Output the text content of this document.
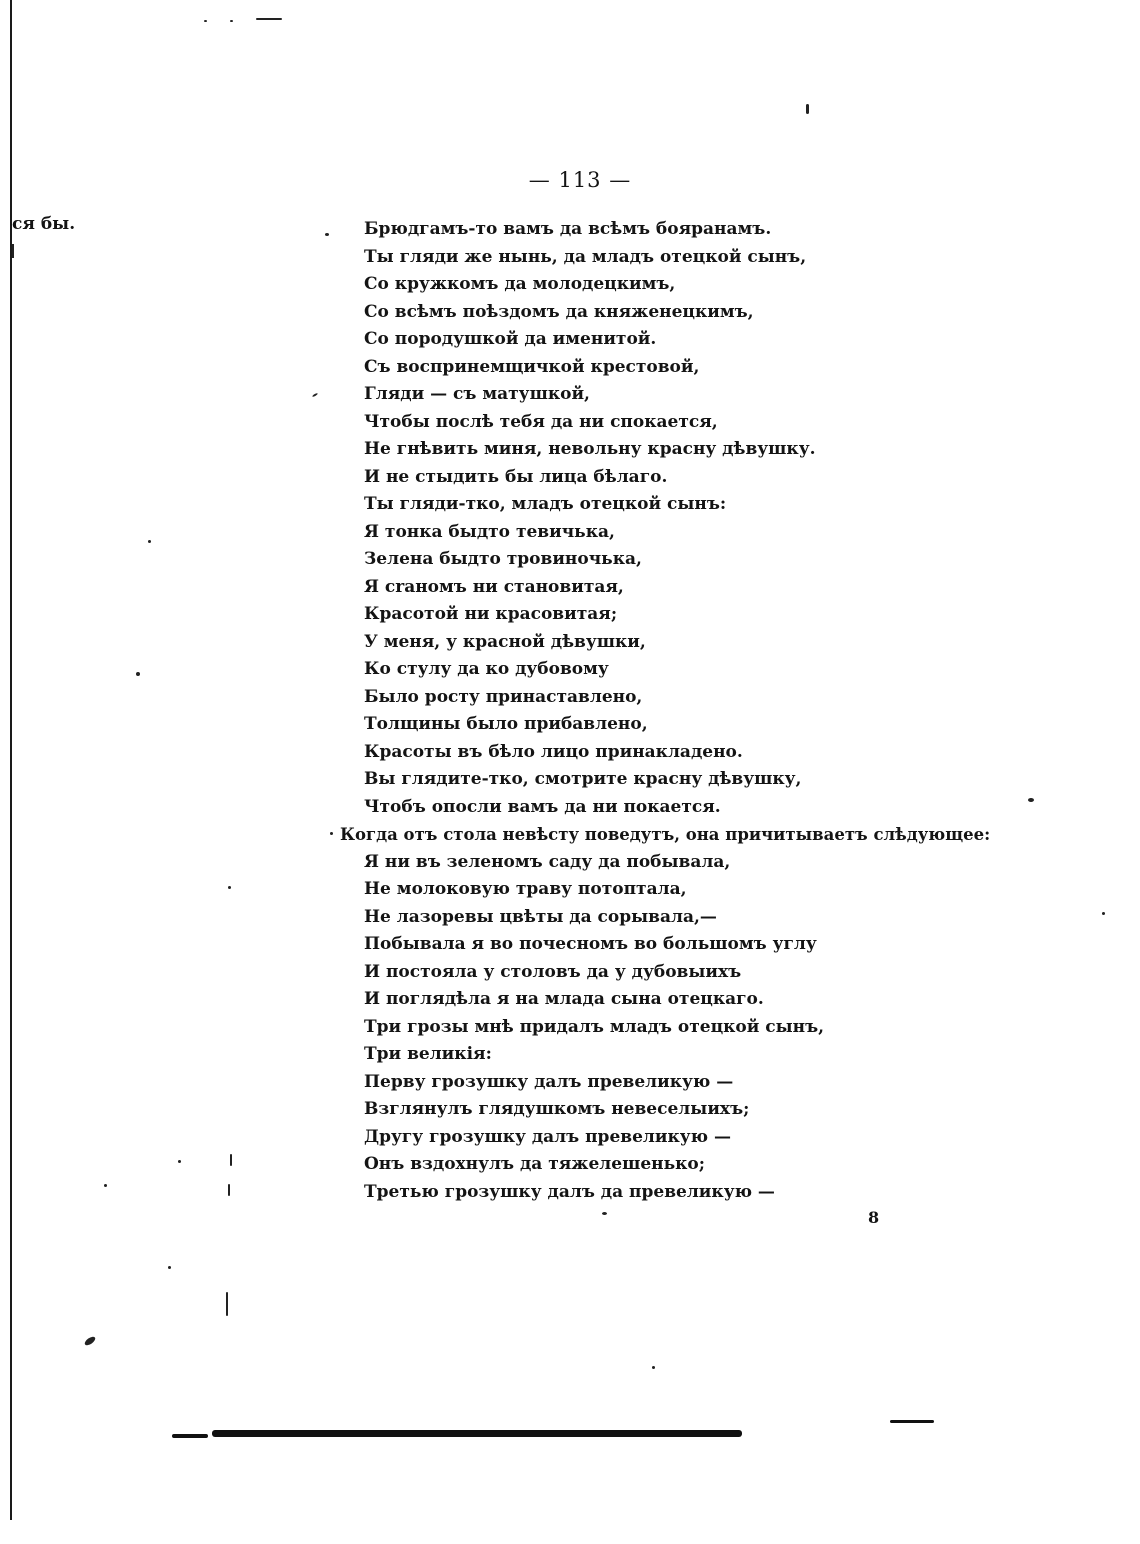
ся бы.
— 113 —
Брюдгамъ-то вамъ да всѣмъ бояранамъ.
Ты гляди же нынь, да младъ отецкой сынъ,
Со кружкомъ да молодецкимъ,
Со всѣмъ поѣздомъ да княженецкимъ,
Со породушкой да именитой.
Съ воспринемщичкой крестовой,
Гляди — съ матушкой,
Чтобы послѣ тебя да ни спокается,
Не гнѣвить миня, невольну красну дѣвушку.
И не стыдить бы лица бѣлаго.
Ты гляди-тко, младъ отецкой сынъ:
Я тонка быдто тевичька,
Зелена быдто тровиночька,
Я craномъ ни становитая,
Красотой ни красовитая;
У меня, у красной дѣвушки,
Ко стулу да ко дубовому
Было росту принаставлено,
Толщины было прибавлено,
Красоты въ бѣло лицо принакладено.
Вы глядите-тко, смотрите красну дѣвушку,
Чтобъ опосли вамъ да ни покается.
Когда отъ стола невѣсту поведутъ, она причитываетъ слѣдующее:
Я ни въ зеленомъ саду да побывала,
Не молоковую траву потоптала,
Не лазоревы цвѣты да сорывала,—
Побывала я во почесномъ во большомъ углу
И постояла у столовъ да у дубовыихъ
И поглядѣла я на млада сына отецкаго.
Три грозы мнѣ придалъ младъ отецкой сынъ,
Три великія:
Перву грозушку далъ превеликую —
Взглянулъ глядушкомъ невеселыихъ;
Другу грозушку далъ превеликую —
Онъ вздохнулъ да тяжелешенько;
Третью грозушку далъ да превеликую —
8
